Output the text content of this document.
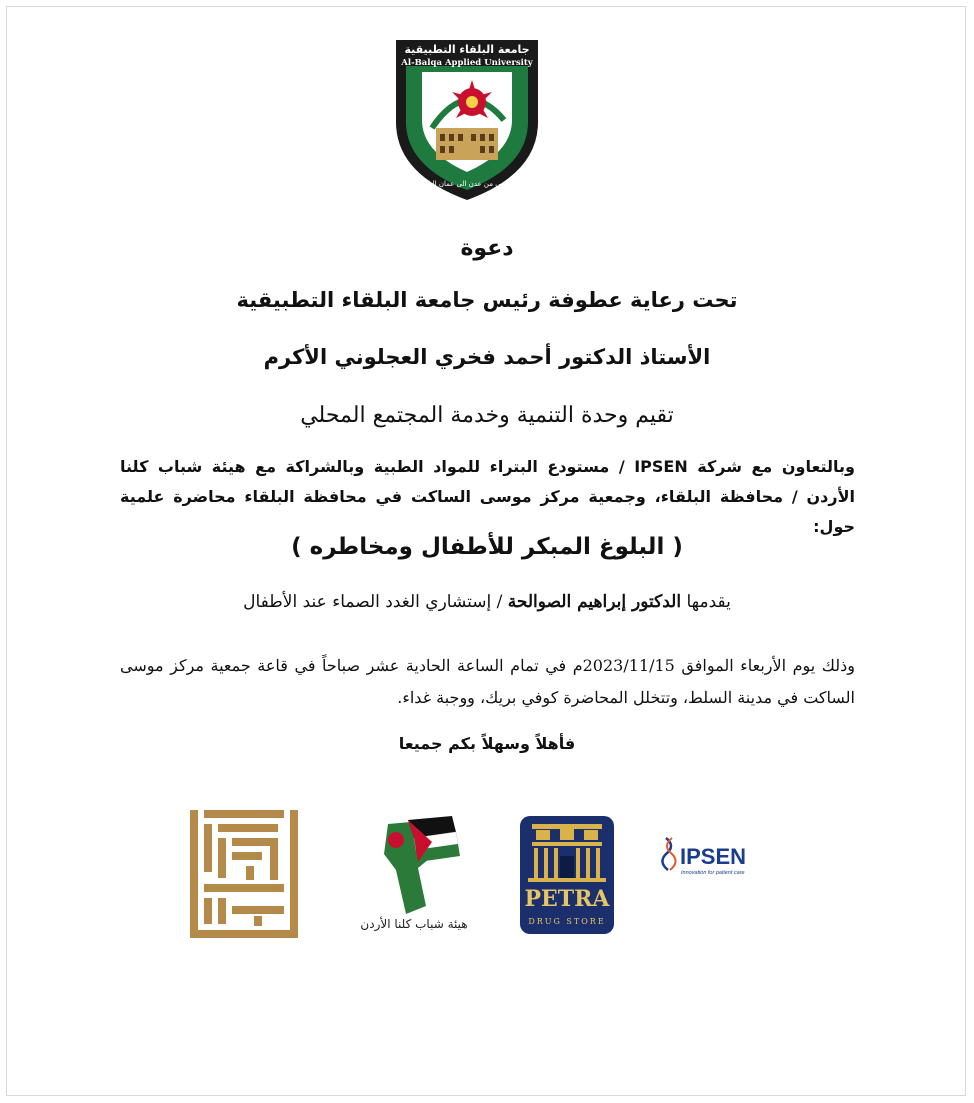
جامعة البلقاء التطبيقية
Al-Balqa Applied University
جوسي من عدن الى عمان البلقاء

دعوة

تحت رعاية عطوفة رئيس جامعة البلقاء التطبيقية

الأستاذ الدكتور أحمد فخري العجلوني الأكرم

تقيم وحدة التنمية وخدمة المجتمع المحلي

وبالتعاون مع شركة IPSEN / مستودع البتراء للمواد الطبية وبالشراكة مع هيئة شباب كلنا الأردن / محافظة البلقاء، وجمعية مركز موسى الساكت في محافظة البلقاء محاضرة علمية حول:

( البلوغ المبكر للأطفال ومخاطره )

يقدمها الدكتور إبراهيم الصوالحة / إستشاري الغدد الصماء عند الأطفال

وذلك يوم الأربعاء الموافق 2023/11/15م في تمام الساعة الحادية عشر صباحاً في قاعة جمعية مركز موسى الساكت في مدينة السلط، وتتخلل المحاضرة كوفي بريك، ووجبة غداء.

فأهلاً وسهلاً بكم جميعا

هيئة شباب كلنا الأردن
PETRA
DRUG STORE
IPSEN
Innovation for patient care
